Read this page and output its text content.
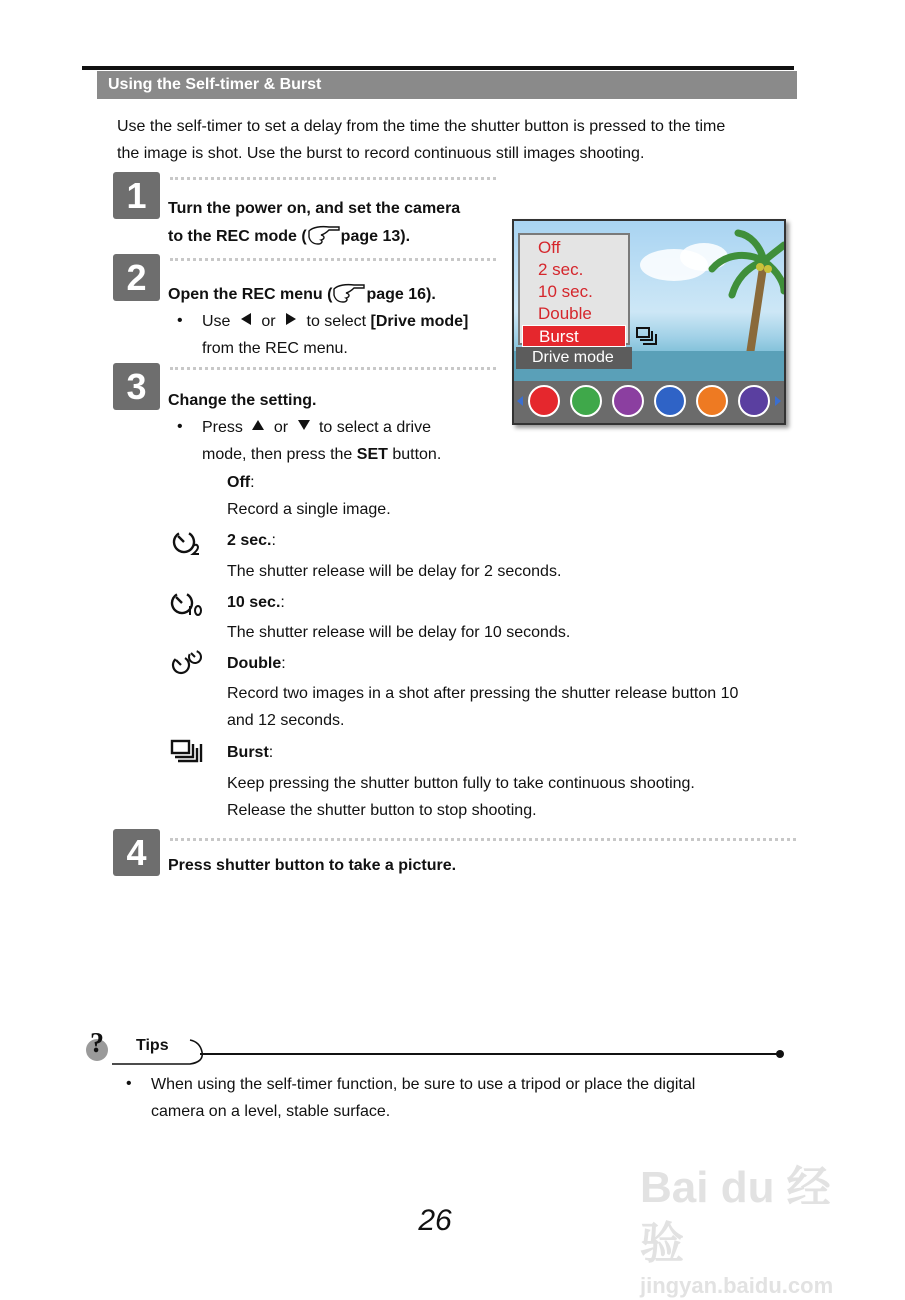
Using the Self-timer & Burst

Use the self-timer to set a delay from the time the shutter button is pressed to the time

the image is shot. Use the burst to record continuous still images shooting.

1	Turn the power on, and set the camera
to the REC mode ( page 13).
2	Open the REC menu ( page 16).
• Use or to select [Drive mode]
from the REC menu.
3	Change the setting.
• Press or to select a drive
mode, then press the SET button.
Off:
Record a single image.
2 sec.:
The shutter release will be delay for 2 seconds.
10 sec.:
The shutter release will be delay for 10 seconds.
Double:
Record two images in a shot after pressing the shutter release button 10
and 12 seconds.
Burst:
Keep pressing the shutter button fully to take continuous shooting.
Release the shutter button to stop shooting.
4	Press shutter button to take a picture.
Off
2 sec.
10 sec.
Double
Burst
Drive mode
? Tips
• When using the self-timer function, be sure to use a tripod or place the digital
camera on a level, stable surface.
26
Bai du 经验
jingyan.baidu.com
